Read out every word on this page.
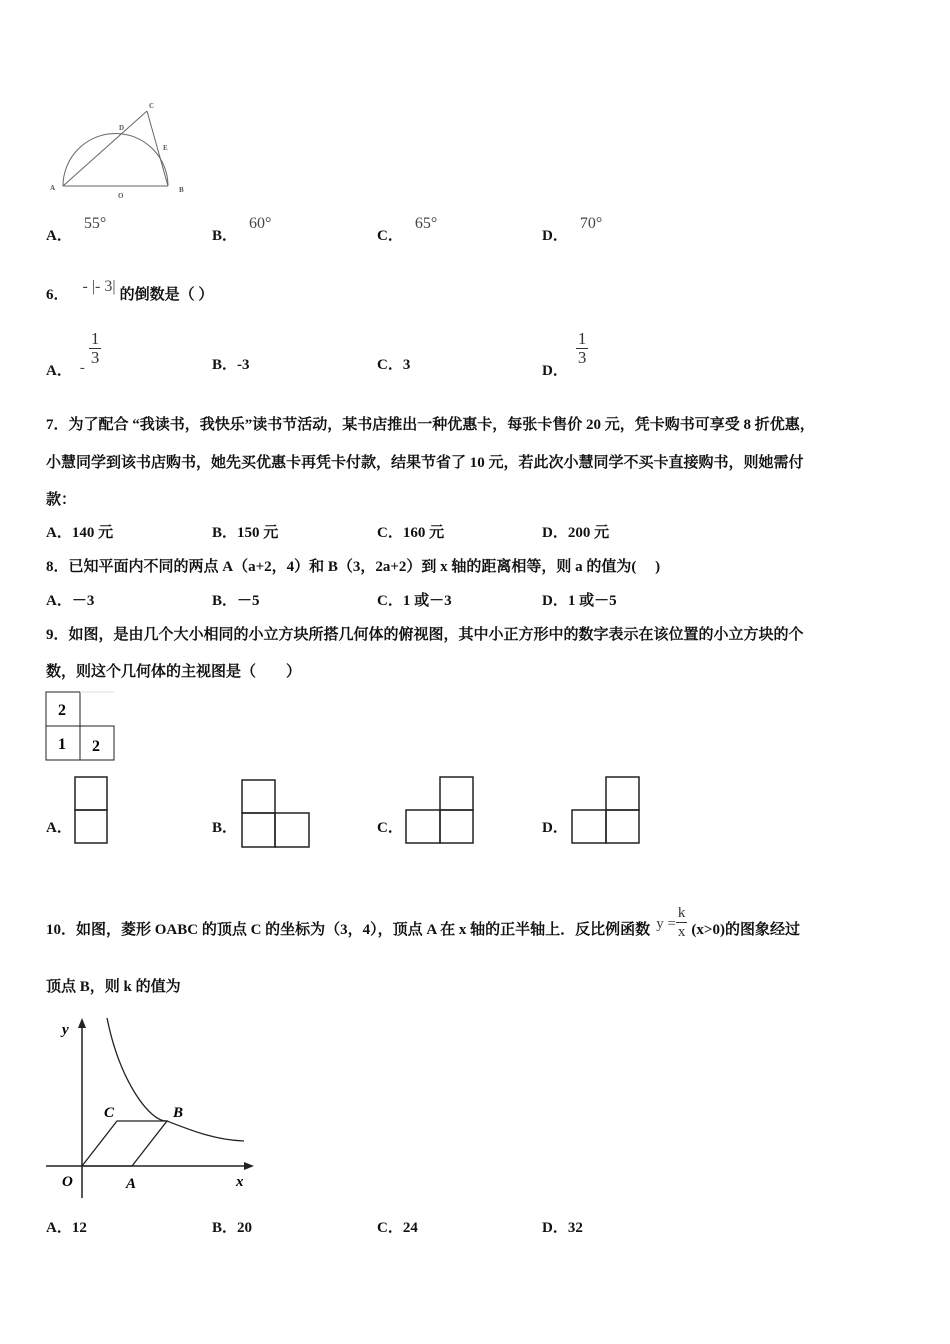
A	B
C
D
E
O
A．55°
B．60°
C．65°
D．70°
6． - |- 3| 的倒数是（ ）
A． -
$\frac{1}{3}$	B．-3	C．3	D．
$\frac{1}{3}$
7．为了配合 “我读书，我快乐”读书节活动，某书店推出一种优惠卡，每张卡售价 20 元，凭卡购书可享受 8 折优惠，
小慧同学到该书店购书，她先买优惠卡再凭卡付款，结果节省了 10 元，若此次小慧同学不买卡直接购书，则她需付
款：
A．140 元	B．150 元	C．160 元	D．200 元
8．已知平面内不同的两点 A（a+2，4）和 B（3，2a+2）到 x 轴的距离相等，则 a 的值为(　 )
A．－3	B．－5	C．1 或－3	D．1 或－5
9．如图，是由几个大小相同的小立方块所搭几何体的俯视图，其中小正方形中的数字表示在该位置的小立方块的个
数，则这个几何体的主视图是（　　）
2
1 2
A．	B．	C．	D．
10．如图，菱形 OABC 的顶点 C 的坐标为（3，4），顶点 A 在 x 轴的正半轴上．反比例函数 $y = \frac{k}{x} (x>0)$的图象经过
顶点 B，则 k 的值为
y
x
O	A
B
C
A．12	B．20	C．24	D．32
